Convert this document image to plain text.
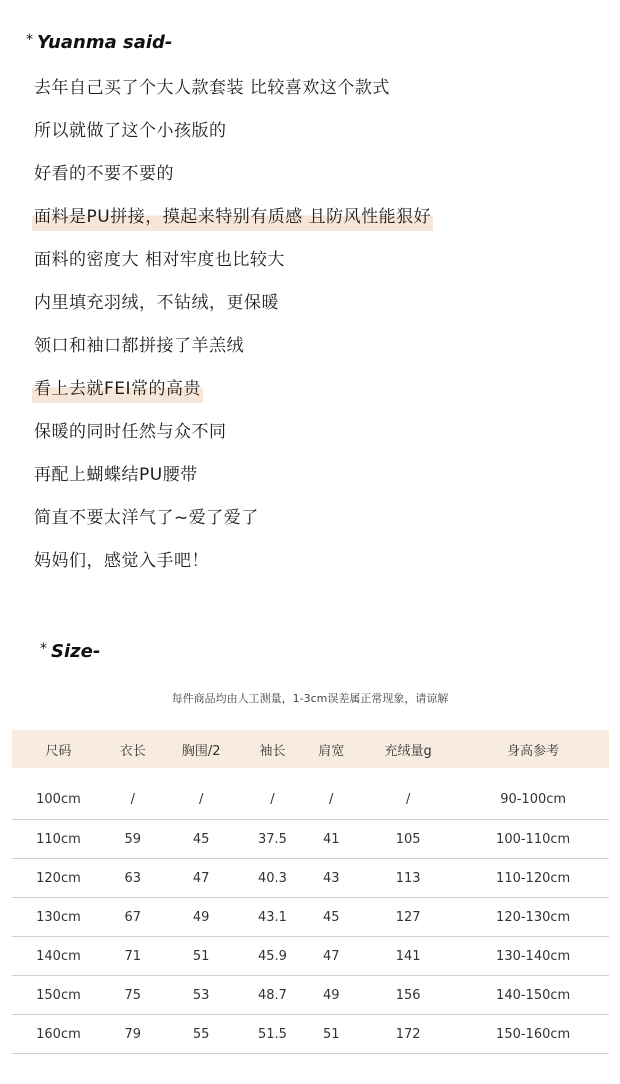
* Yuanma said-
去年自己买了个大人款套装 比较喜欢这个款式
所以就做了这个小孩版的
好看的不要不要的
面料是PU拼接，摸起来特别有质感 且防风性能狠好
面料的密度大 相对牢度也比较大
内里填充羽绒，不钻绒，更保暖
领口和袖口都拼接了羊羔绒
看上去就FEI常的高贵
保暖的同时任然与众不同
再配上蝴蝶结PU腰带
简直不要太洋气了~爱了爱了
妈妈们，感觉入手吧！
* Size-
每件商品均由人工测量，1-3cm误差属正常现象，请谅解
尺码	衣长	胸围/2	袖长	肩宽	充绒量g	身高参考

100cm	/	/	/	/	/	90-100cm
110cm	59	45	37.5	41	105	100-110cm
120cm	63	47	40.3	43	113	110-120cm
130cm	67	49	43.1	45	127	120-130cm
140cm	71	51	45.9	47	141	130-140cm
150cm	75	53	48.7	49	156	140-150cm
160cm	79	55	51.5	51	172	150-160cm
